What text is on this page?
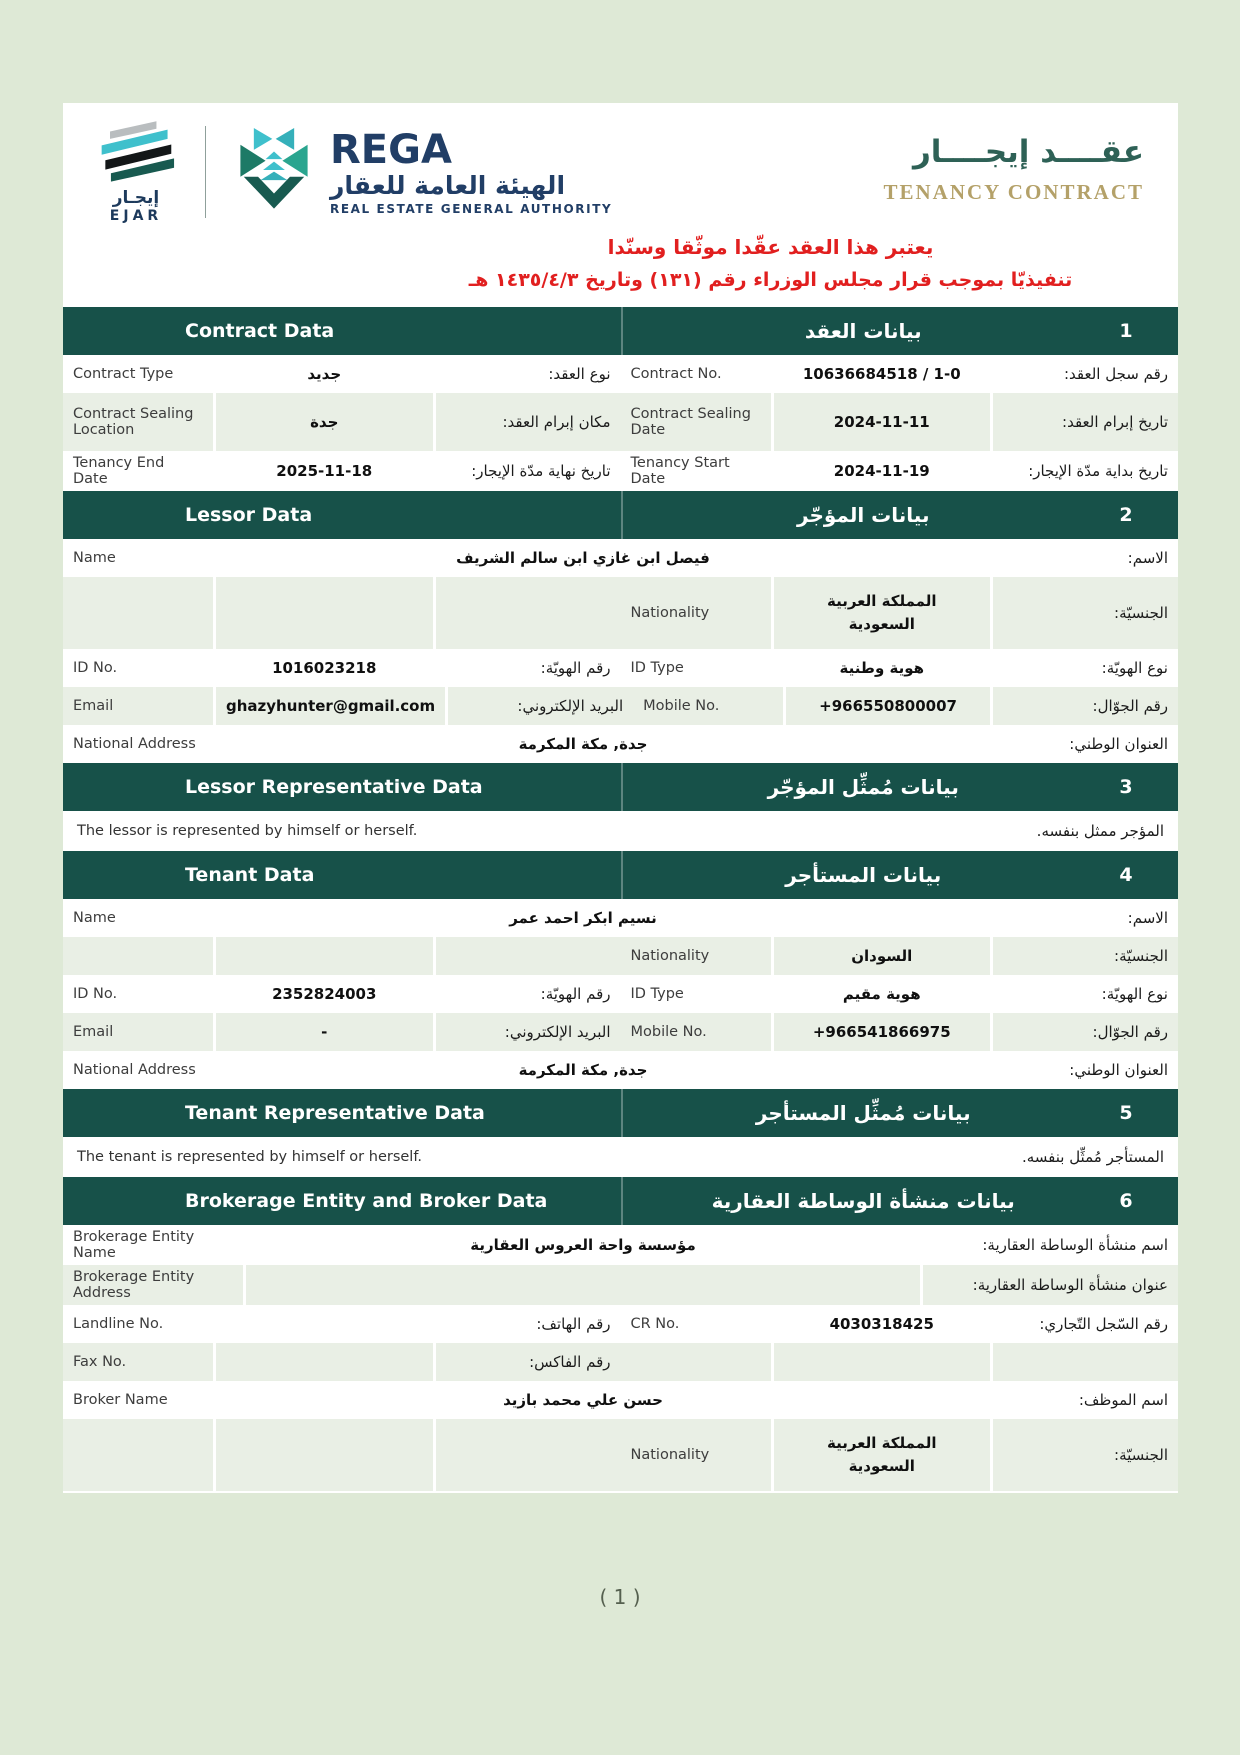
إيجـار
EJAR
REGA
الهيئة العامة للعقار
REAL ESTATE GENERAL AUTHORITY
عقــــد إيجــــار
TENANCY CONTRACT
يعتبر هذا العقد عقّدا موثّقا وسنّدا
تنفيذيّا بموجب قرار مجلس الوزراء رقم (١٣١) وتاريخ ١٤٣٥/٤/٣ هـ
1
بيانات العقد
Contract Data
رقم سجل العقد:
10636684518 / 1-0
Contract No.
نوع العقد:
جديد
Contract Type
تاريخ إبرام العقد:
2024-11-11
Contract Sealing Date
مكان إبرام العقد:
جدة
Contract Sealing Location
تاريخ بداية مدّة الإيجار:
2024-11-19
Tenancy Start Date
تاريخ نهاية مدّة الإيجار:
2025-11-18
Tenancy End Date
2
بيانات المؤجّر
Lessor Data
الاسم:
فيصل ابن غازي ابن سالم الشريف
Name
الجنسيّة:
المملكة العربية السعودية
Nationality
نوع الهويّة:
هوية وطنية
ID Type
رقم الهويّة:
1016023218
ID No.
رقم الجوّال:
+966550800007
Mobile No.
البريد الإلكتروني:
ghazyhunter@gmail.com
Email
العنوان الوطني:
جدة, مكة المكرمة
National Address
3
بيانات مُمثِّل المؤجّر
Lessor Representative Data
المؤجر ممثل بنفسه.
The lessor is represented by himself or herself.
4
بيانات المستأجر
Tenant Data
الاسم:
نسيم ابكر احمد عمر
Name
الجنسيّة:
السودان
Nationality
نوع الهويّة:
هوية مقيم
ID Type
رقم الهويّة:
2352824003
ID No.
رقم الجوّال:
+966541866975
Mobile No.
البريد الإلكتروني:
-
Email
العنوان الوطني:
جدة, مكة المكرمة
National Address
5
بيانات مُمثِّل المستأجر
Tenant Representative Data
المستأجر مُمثِّل بنفسه.
The tenant is represented by himself or herself.
6
بيانات منشأة الوساطة العقارية
Brokerage Entity and Broker Data
اسم منشأة الوساطة العقارية:
مؤسسة واحة العروس العقارية
Brokerage Entity Name
عنوان منشأة الوساطة العقارية:
Brokerage Entity Address
رقم السّجل التّجاري:
4030318425
CR No.
رقم الهاتف:
Landline No.
رقم الفاكس:
Fax No.
اسم الموظف:
حسن علي محمد بازيد
Broker Name
الجنسيّة:
المملكة العربية السعودية
Nationality
( 1 )
